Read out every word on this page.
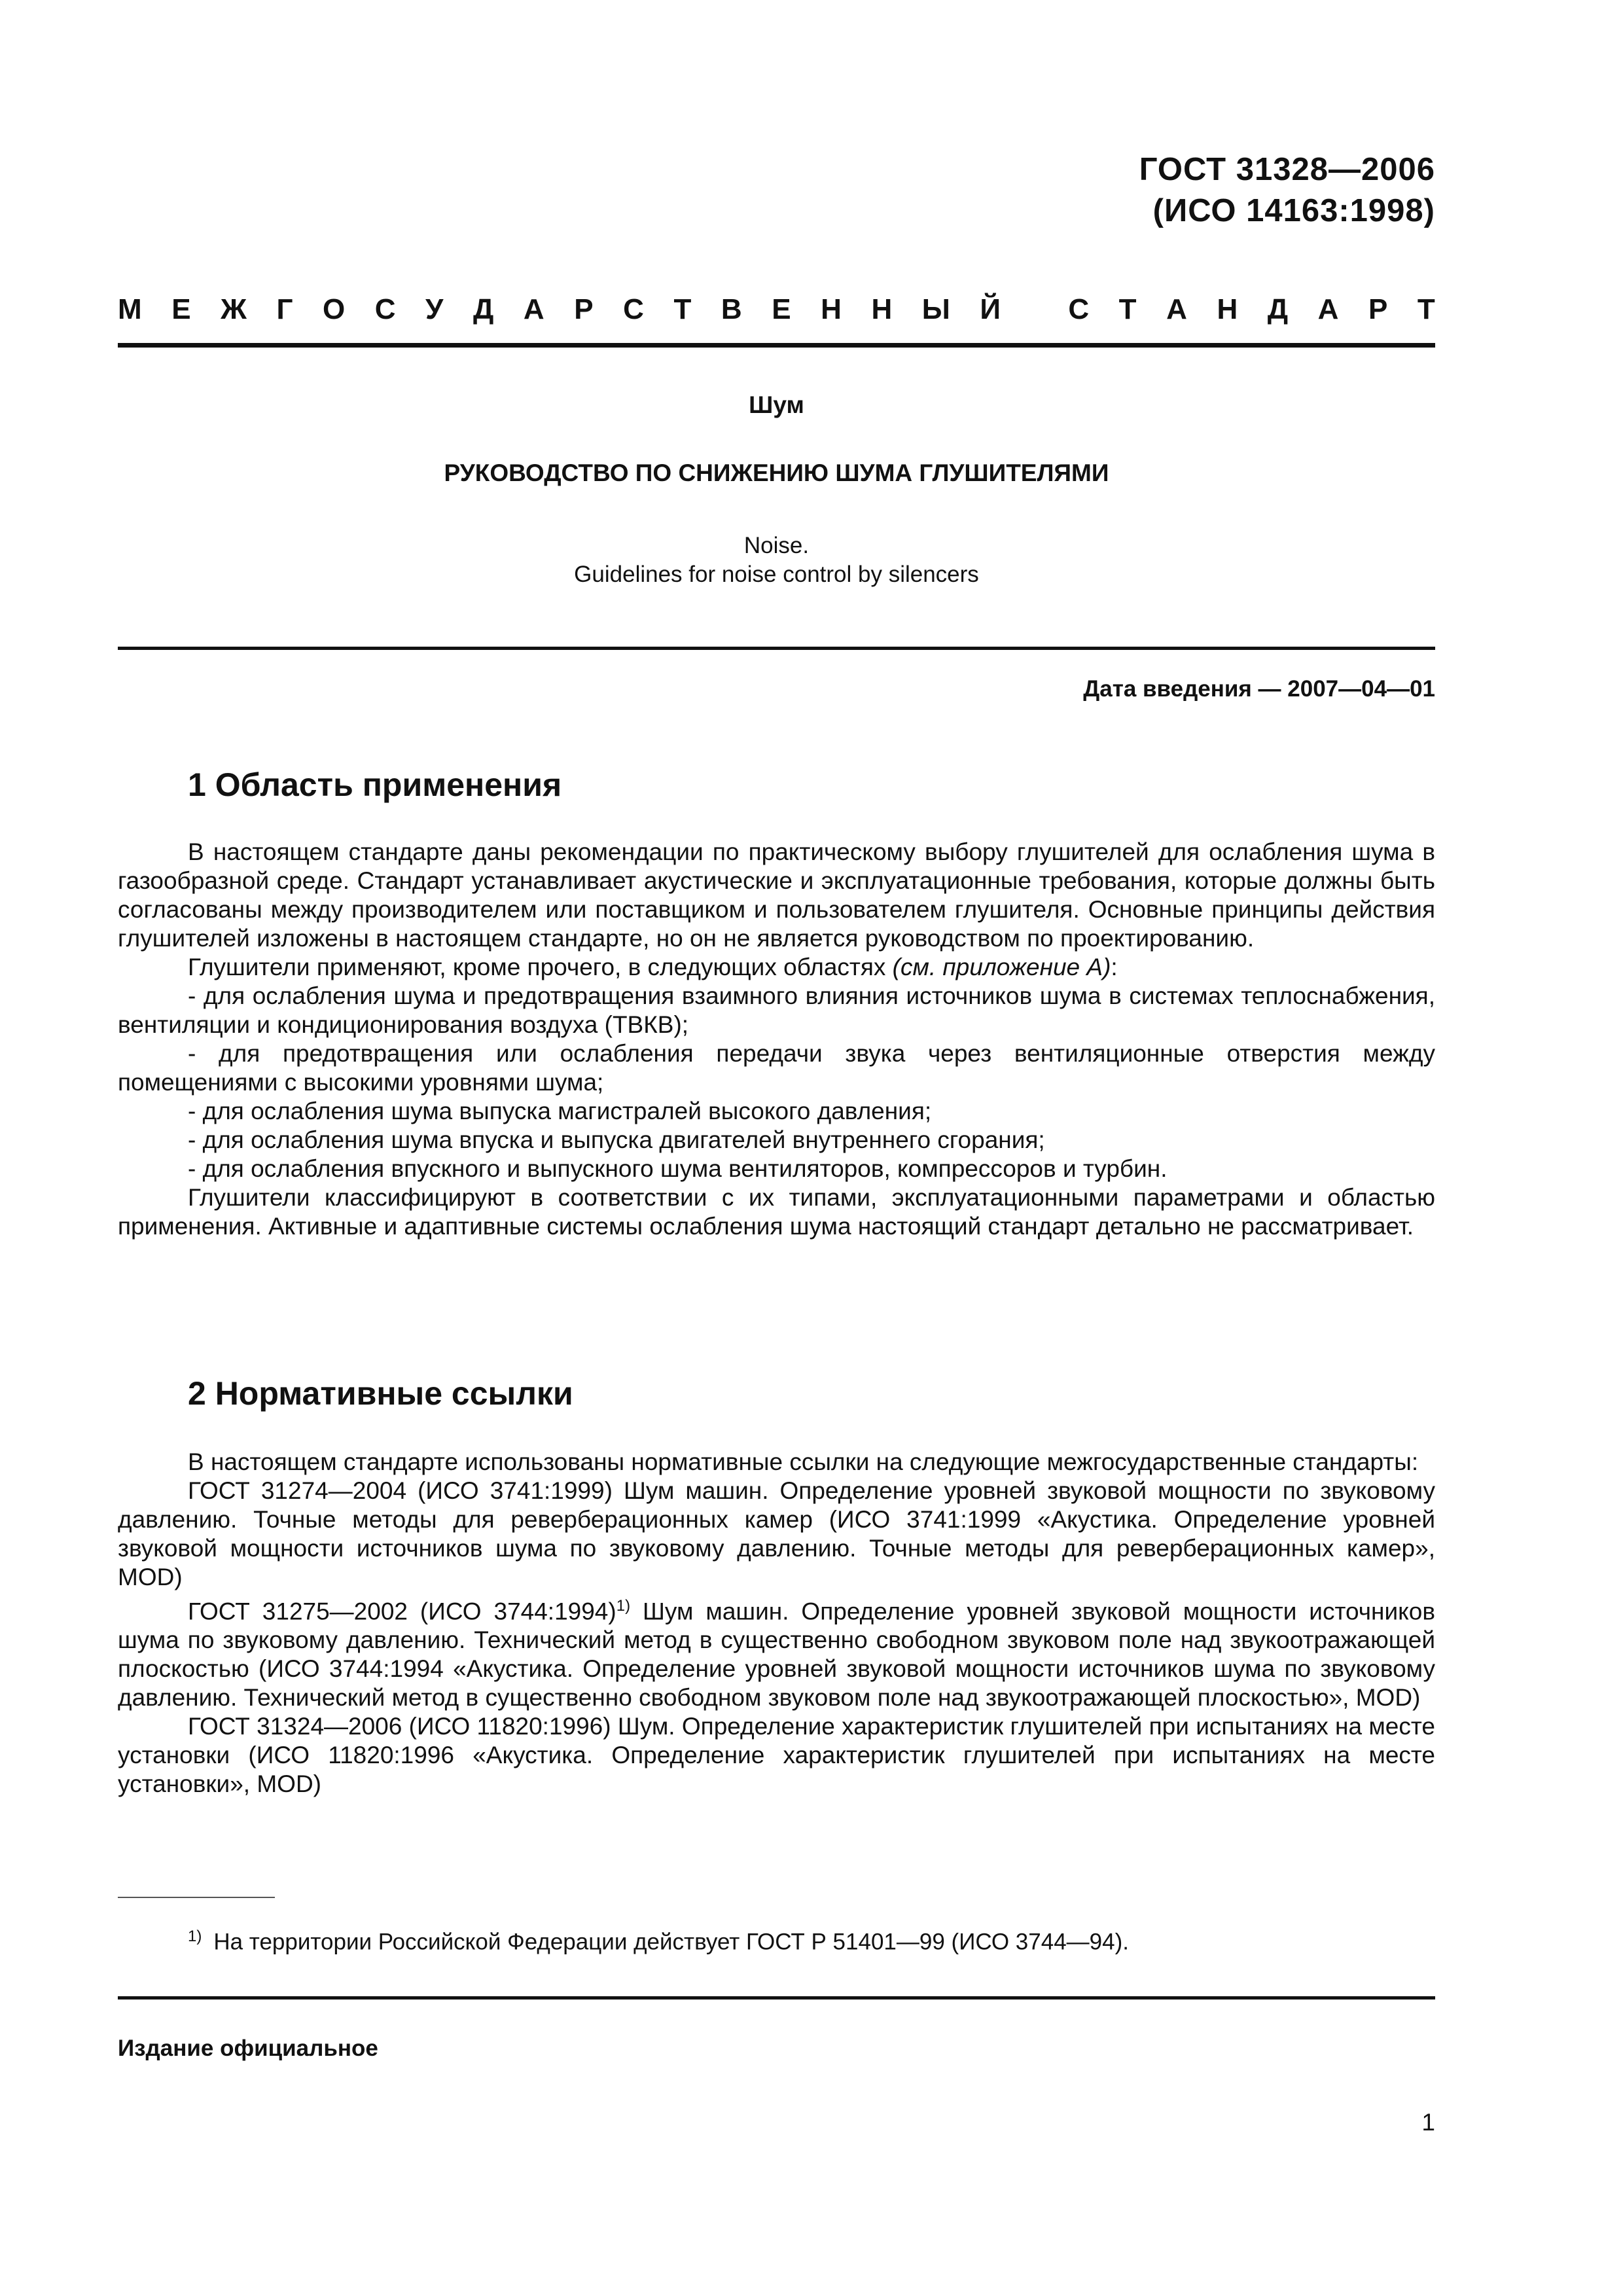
ГОСТ 31328—2006
(ИСО 14163:1998)
М Е Ж Г О С У Д А Р С Т В Е Н Н Ы Й
С Т А Н Д А Р Т
Шум
РУКОВОДСТВО ПО СНИЖЕНИЮ ШУМА ГЛУШИТЕЛЯМИ
Noise.
Guidelines for noise control by silencers
Дата введения — 2007—04—01
1 Область применения

В настоящем стандарте даны рекомендации по практическому выбору глушителей для ослабления шума в газообразной среде. Стандарт устанавливает акустические и эксплуатационные требования, которые должны быть согласованы между производителем или поставщиком и пользователем глушителя. Основные принципы действия глушителей изложены в настоящем стандарте, но он не является руководством по проектированию.

Глушители применяют, кроме прочего, в следующих областях (см. приложение А):

- для ослабления шума и предотвращения взаимного влияния источников шума в системах теплоснабжения, вентиляции и кондиционирования воздуха (ТВКВ);

- для предотвращения или ослабления передачи звука через вентиляционные отверстия между помещениями с высокими уровнями шума;

- для ослабления шума выпуска магистралей высокого давления;

- для ослабления шума впуска и выпуска двигателей внутреннего сгорания;

- для ослабления впускного и выпускного шума вентиляторов, компрессоров и турбин.

Глушители классифицируют в соответствии с их типами, эксплуатационными параметрами и областью применения. Активные и адаптивные системы ослабления шума настоящий стандарт детально не рассматривает.

2 Нормативные ссылки

В настоящем стандарте использованы нормативные ссылки на следующие межгосударственные стандарты:

ГОСТ 31274—2004 (ИСО 3741:1999) Шум машин. Определение уровней звуковой мощности по звуковому давлению. Точные методы для реверберационных камер (ИСО 3741:1999 «Акустика. Определение уровней звуковой мощности источников шума по звуковому давлению. Точные методы для реверберационных камер», MOD)

ГОСТ 31275—2002 (ИСО 3744:1994)$^{1)}$ Шум машин. Определение уровней звуковой мощности источников шума по звуковому давлению. Технический метод в существенно свободном звуковом поле над звукоотражающей плоскостью (ИСО 3744:1994 «Акустика. Определение уровней звуковой мощности источников шума по звуковому давлению. Технический метод в существенно свободном звуковом поле над звукоотражающей плоскостью», MOD)

ГОСТ 31324—2006 (ИСО 11820:1996) Шум. Определение характеристик глушителей при испытаниях на месте установки (ИСО 11820:1996 «Акустика. Определение характеристик глушителей при испытаниях на месте установки», MOD)

$^{1)}$ На территории Российской Федерации действует ГОСТ Р 51401—99 (ИСО 3744—94).
Издание официальное
1
